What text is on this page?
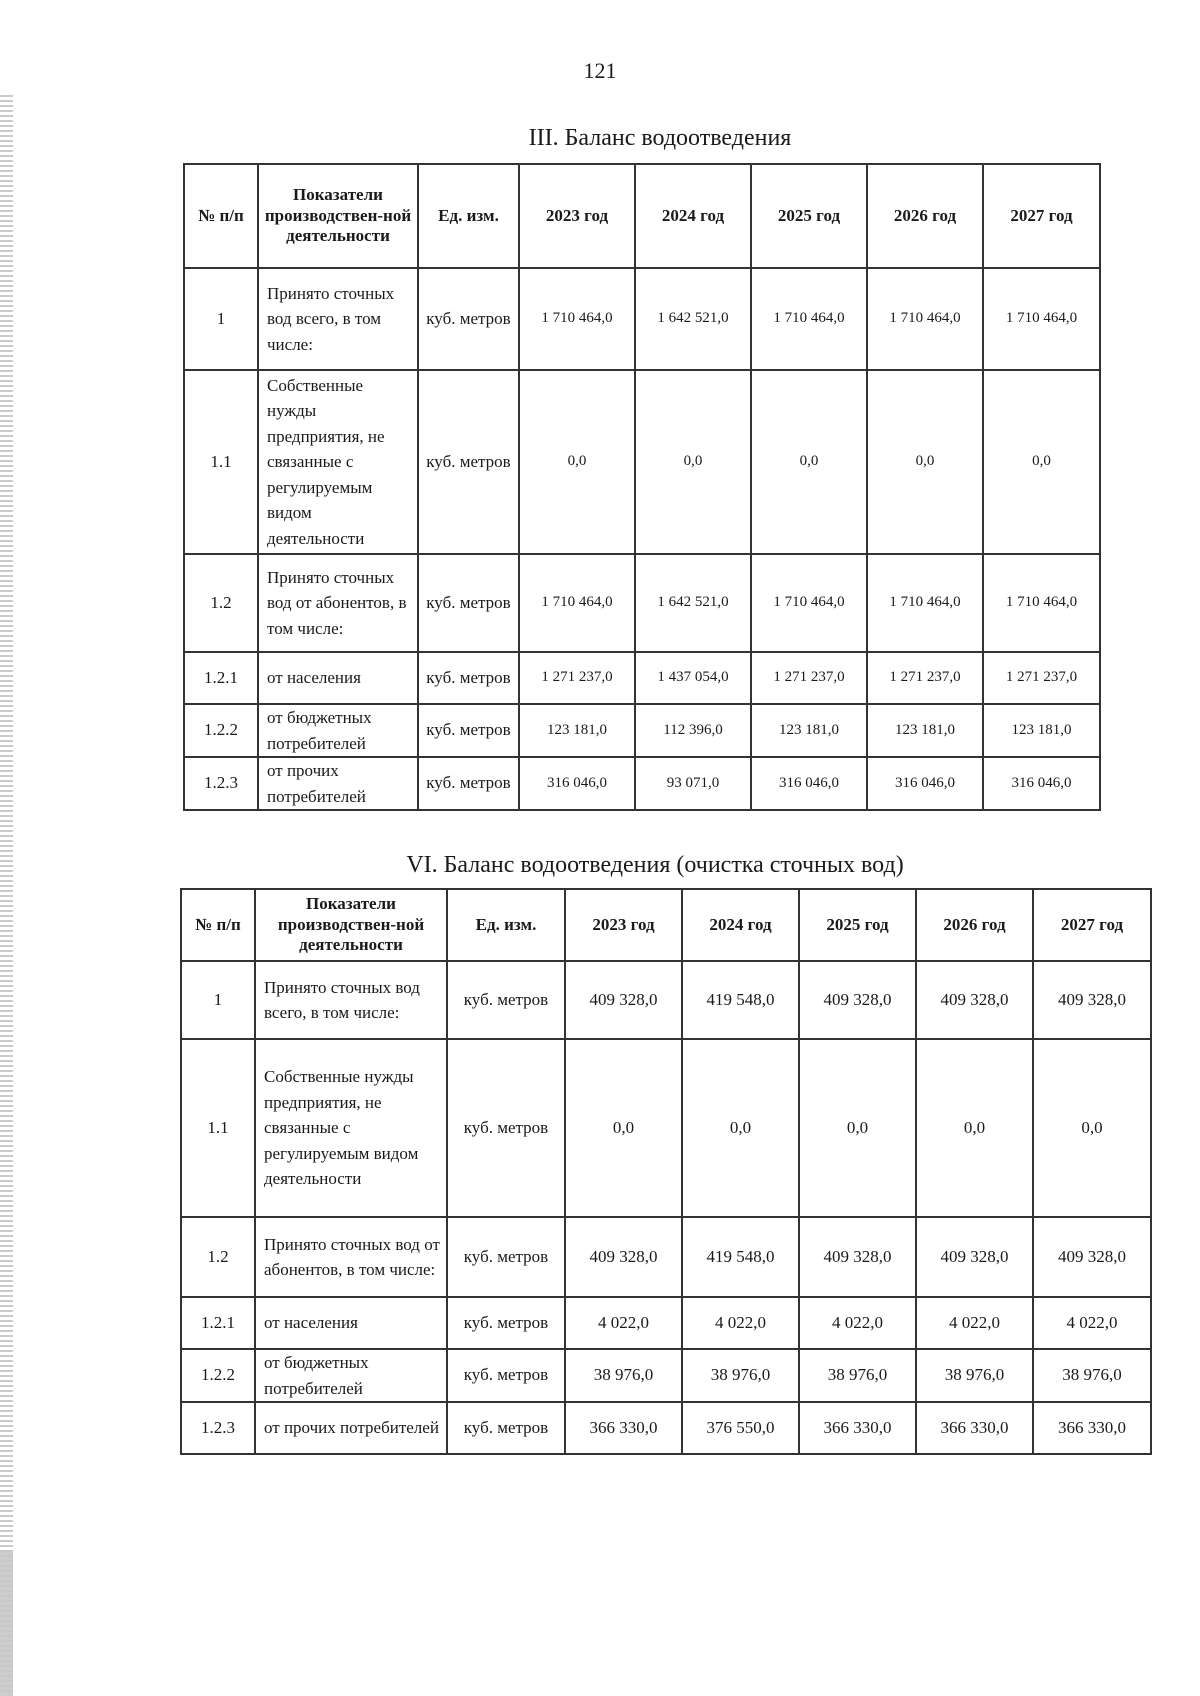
121
III. Баланс водоотведения
№ п/п	Показатели производствен-ной деятельности	Ед. изм.	2023 год	2024 год	2025 год	2026 год	2027 год
1	Принято сточных вод всего, в том числе:	куб. метров	1 710 464,0	1 642 521,0	1 710 464,0	1 710 464,0	1 710 464,0
1.1	Собственные нужды предприятия, не связанные с регулируемым видом деятельности	куб. метров	0,0	0,0	0,0	0,0	0,0
1.2	Принято сточных вод от абонентов, в том числе:	куб. метров	1 710 464,0	1 642 521,0	1 710 464,0	1 710 464,0	1 710 464,0
1.2.1	от населения	куб. метров	1 271 237,0	1 437 054,0	1 271 237,0	1 271 237,0	1 271 237,0
1.2.2	от бюджетных потребителей	куб. метров	123 181,0	112 396,0	123 181,0	123 181,0	123 181,0
1.2.3	от прочих потребителей	куб. метров	316 046,0	93 071,0	316 046,0	316 046,0	316 046,0
VI. Баланс водоотведения (очистка сточных вод)
№ п/п	Показатели производствен-ной деятельности	Ед. изм.	2023 год	2024 год	2025 год	2026 год	2027 год
1	Принято сточных вод всего, в том числе:	куб. метров	409 328,0	419 548,0	409 328,0	409 328,0	409 328,0
1.1	Собственные нужды предприятия, не связанные с регулируемым видом деятельности	куб. метров	0,0	0,0	0,0	0,0	0,0
1.2	Принято сточных вод от абонентов, в том числе:	куб. метров	409 328,0	419 548,0	409 328,0	409 328,0	409 328,0
1.2.1	от населения	куб. метров	4 022,0	4 022,0	4 022,0	4 022,0	4 022,0
1.2.2	от бюджетных потребителей	куб. метров	38 976,0	38 976,0	38 976,0	38 976,0	38 976,0
1.2.3	от прочих потребителей	куб. метров	366 330,0	376 550,0	366 330,0	366 330,0	366 330,0
